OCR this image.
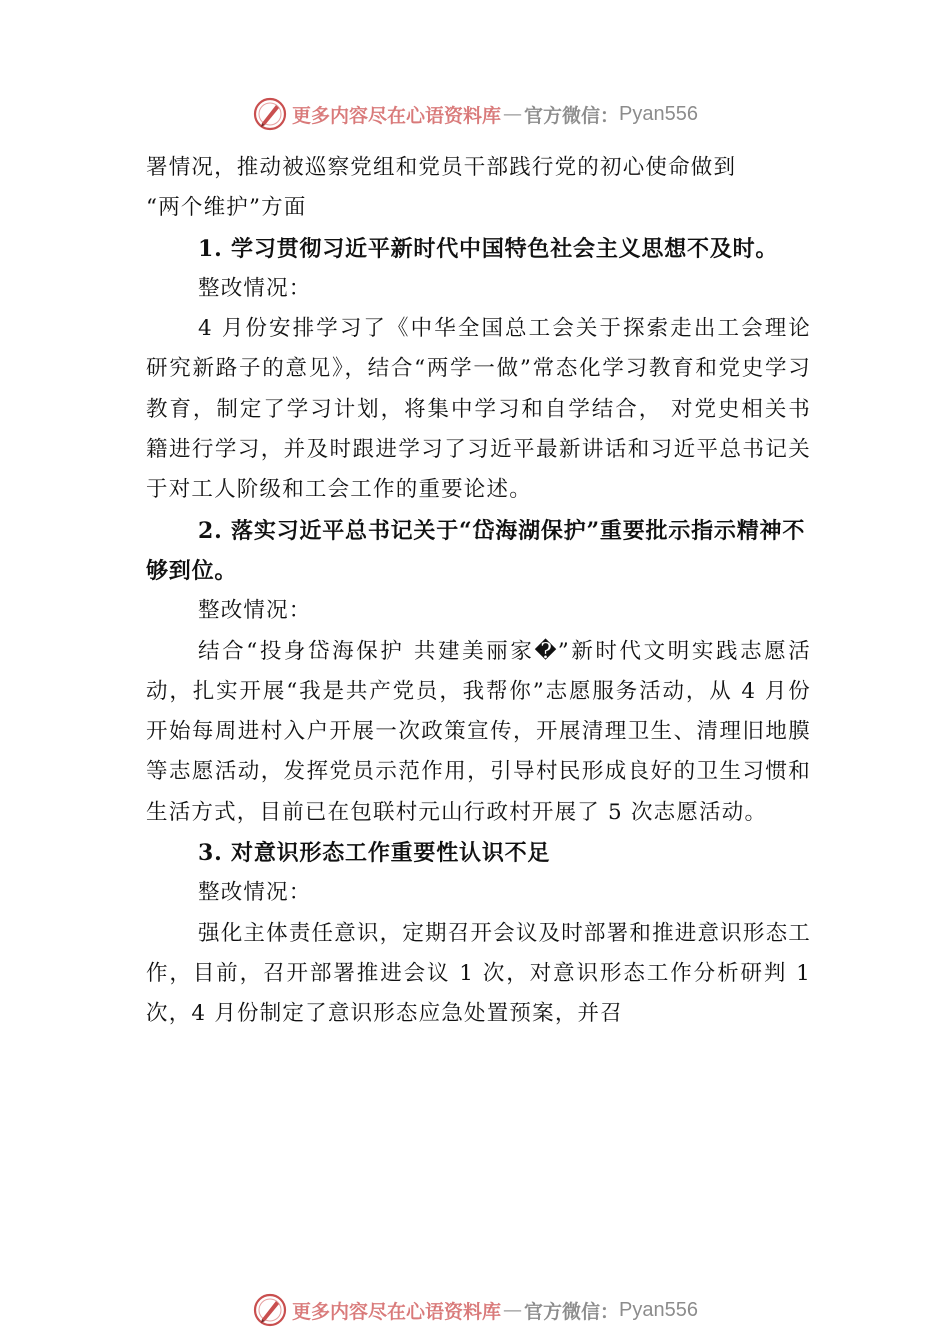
更多内容尽在心语资料库 — 官方微信： Pyan556

署情况，推动被巡察党组和党员干部践行党的初心使命做到

“两个维护”方面

1. 学习贯彻习近平新时代中国特色社会主义思想不及时。

整改情况：

4 月份安排学习了《中华全国总工会关于探索走出工会理论研究新路子的意见》，结合“两学一做”常态化学习教育和党史学习教育，制定了学习计划，将集中学习和自学结合， 对党史相关书籍进行学习，并及时跟进学习了习近平最新讲话和习近平总书记关于对工人阶级和工会工作的重要论述。

2. 落实习近平总书记关于“岱海湖保护”重要批示指示精神不够到位。

整改情况：

结合“投身岱海保护 共建美丽家�”新时代文明实践志愿活动，扎实开展“我是共产党员，我帮你”志愿服务活动，从 4 月份开始每周进村入户开展一次政策宣传，开展清理卫生、清理旧地膜等志愿活动，发挥党员示范作用，引导村民形成良好的卫生习惯和生活方式，目前已在包联村元山行政村开展了 5 次志愿活动。

3. 对意识形态工作重要性认识不足

整改情况：

强化主体责任意识，定期召开会议及时部署和推进意识形态工作，目前，召开部署推进会议 1 次，对意识形态工作分析研判 1 次，4 月份制定了意识形态应急处置预案，并召

更多内容尽在心语资料库 — 官方微信： Pyan556
